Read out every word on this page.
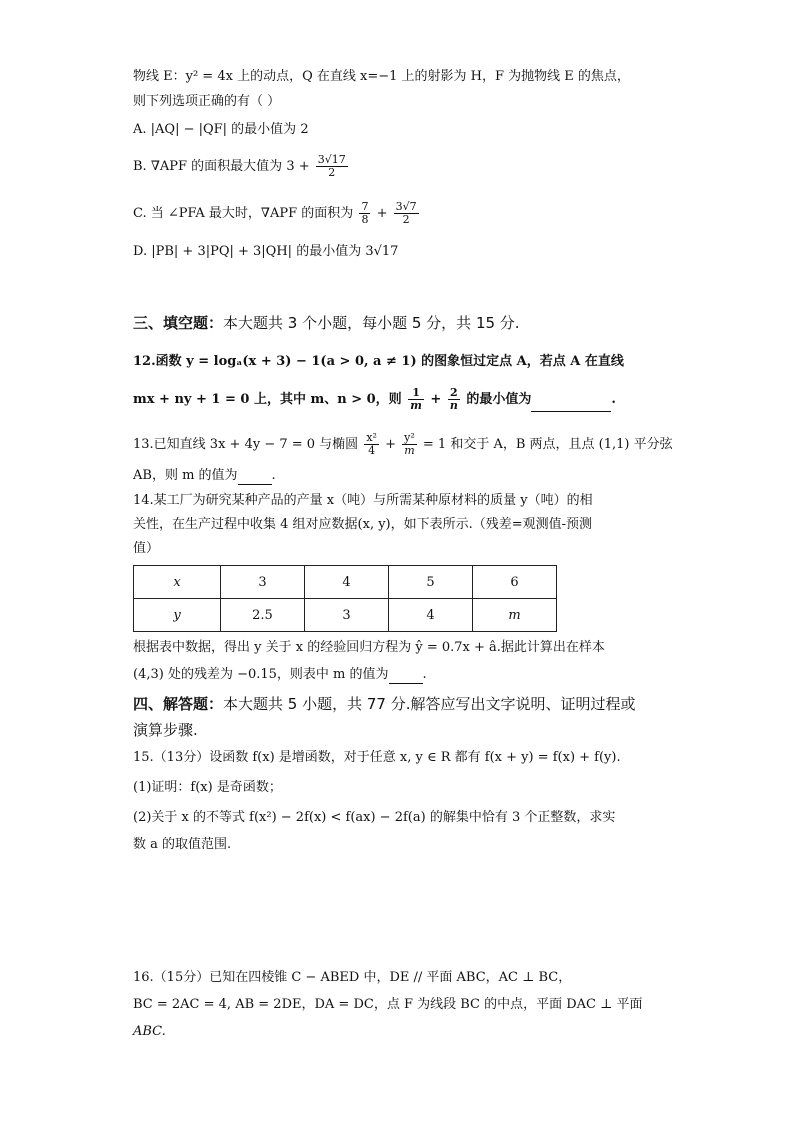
物线 E：y² = 4x 上的动点，Q 在直线 x=−1 上的射影为 H，F 为抛物线 E 的焦点，
则下列选项正确的有（ ）
A. |AQ| − |QF| 的最小值为 2
B. ∇APF 的面积最大值为 $3 + \frac{3√17}{2}$
C. 当 ∠PFA 最大时，∇APF 的面积为 $\frac{7}{8} + \frac{3√7}{2}$
D. |PB| + 3|PQ| + 3|QH| 的最小值为 3√17
三、填空题：本大题共 3 个小题，每小题 5 分，共 15 分.
12.函数 y = logₐ(x + 3) − 1(a > 0, a ≠ 1) 的图象恒过定点 A，若点 A 在直线
mx + ny + 1 = 0 上，其中 m、n > 0，则 $\frac{1}{m} + \frac{2}{n}$ 的最小值为	.
13.已知直线 3x + 4y − 7 = 0 与椭圆 $\frac{\text{x²}}{4} + \frac{\text{y²}}{m} = 1$ 和交于 A，B 两点，且点 (1,1) 平分弦
AB，则 m 的值为	.
14.某工厂为研究某种产品的产量 x（吨）与所需某种原材料的质量 y（吨）的相
关性，在生产过程中收集 4 组对应数据(x, y)，如下表所示.（残差=观测值-预测
值）
x	3	4	5	6
y	2.5	3	4	m
根据表中数据，得出 y 关于 x 的经验回归方程为 ŷ = 0.7x + â.据此计算出在样本
(4,3) 处的残差为 −0.15，则表中 m 的值为	.
四、解答题：本大题共 5 小题，共 77 分.解答应写出文字说明、证明过程或
演算步骤.
15.（13分）设函数 f(x) 是增函数，对于任意 x, y ∈ R 都有 f(x + y) = f(x) + f(y).
(1)证明：f(x) 是奇函数；
(2)关于 x 的不等式 f(x²) − 2f(x) < f(ax) − 2f(a) 的解集中恰有 3 个正整数，求实
数 a 的取值范围.
16.（15分）已知在四棱锥 C − ABED 中，DE // 平面 ABC，AC ⊥ BC，
BC = 2AC = 4, AB = 2DE，DA = DC，点 F 为线段 BC 的中点，平面 DAC ⊥ 平面
ABC.
